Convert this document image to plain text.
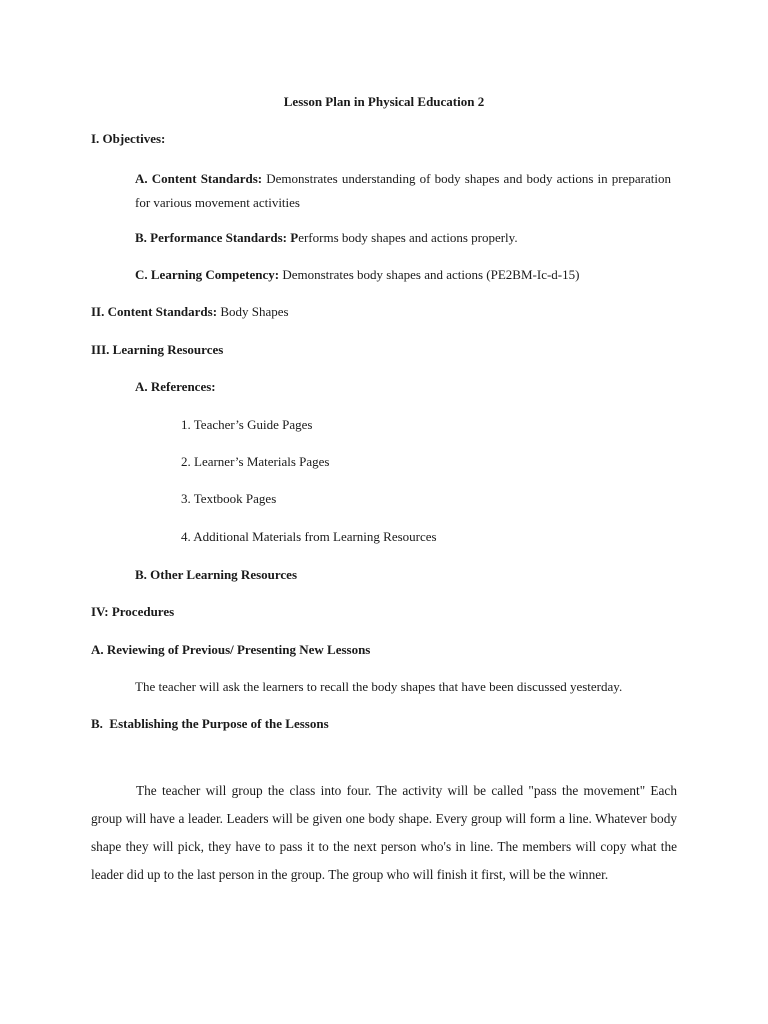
Lesson Plan in Physical Education 2
I. Objectives:
A. Content Standards: Demonstrates understanding of body shapes and body actions in preparation for various movement activities
B. Performance Standards: Performs body shapes and actions properly.
C. Learning Competency: Demonstrates body shapes and actions (PE2BM-Ic-d-15)
II. Content Standards: Body Shapes
III. Learning Resources
A. References:
1. Teacher’s Guide Pages
2. Learner’s Materials Pages
3. Textbook Pages
4. Additional Materials from Learning Resources
B. Other Learning Resources
IV: Procedures
A. Reviewing of Previous/ Presenting New Lessons
The teacher will ask the learners to recall the body shapes that have been discussed yesterday.
B.  Establishing the Purpose of the Lessons
The teacher will group the class into four. The activity will be called "pass the movement" Each group will have a leader. Leaders will be given one body shape. Every group will form a line. Whatever body shape they will pick, they have to pass it to the next person who's in line. The members will copy what the leader did up to the last person in the group. The group who will finish it first, will be the winner.
